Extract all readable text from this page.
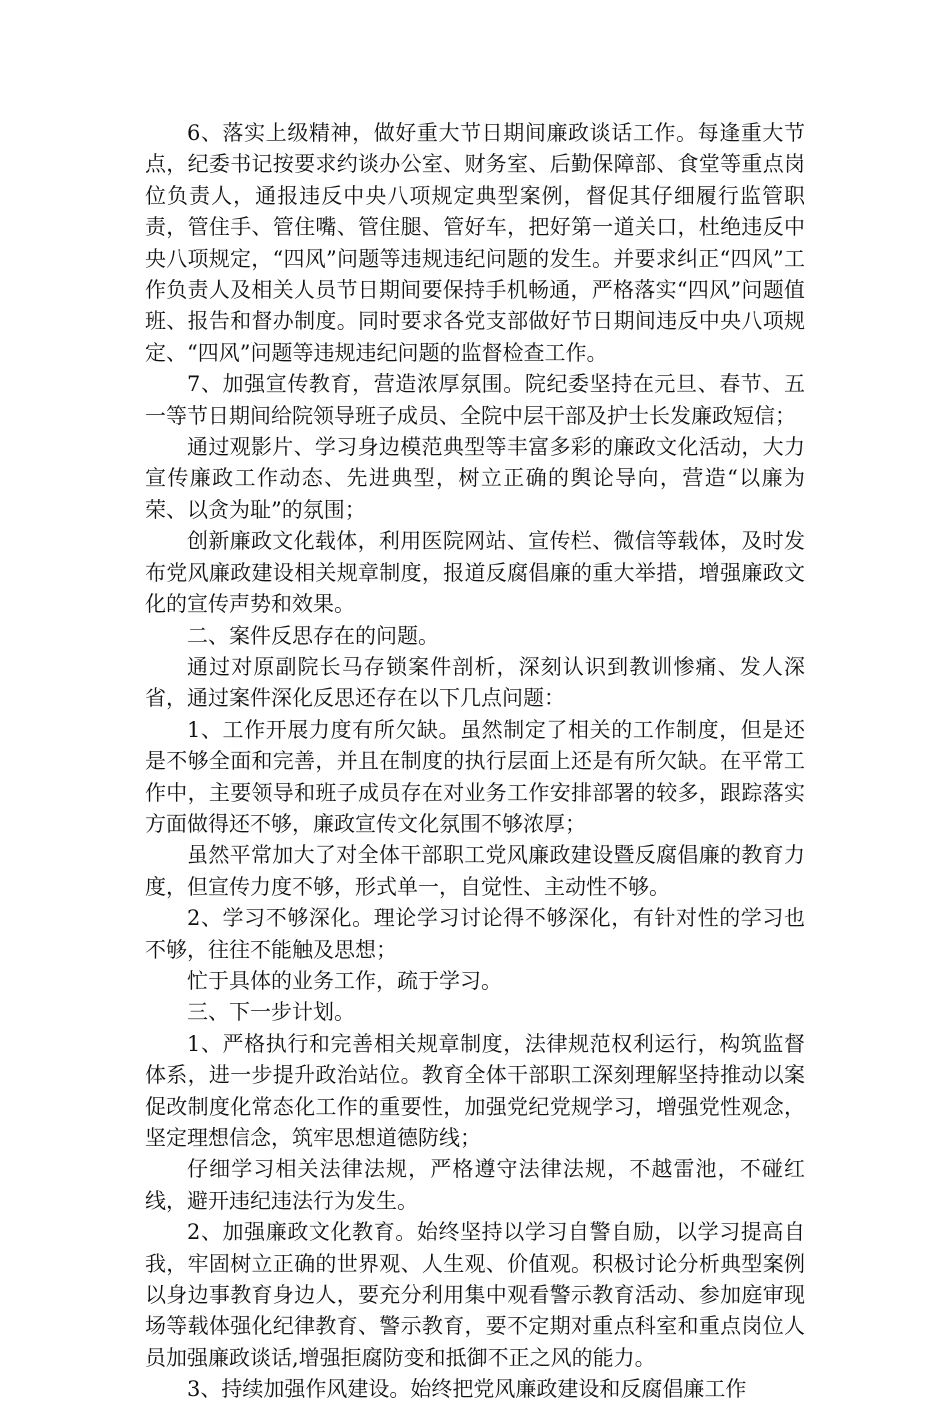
6、落实上级精神，做好重大节日期间廉政谈话工作。每逢重大节点，纪委书记按要求约谈办公室、财务室、后勤保障部、食堂等重点岗位负责人，通报违反中央八项规定典型案例，督促其仔细履行监管职责，管住手、管住嘴、管住腿、管好车，把好第一道关口，杜绝违反中央八项规定，“四风”问题等违规违纪问题的发生。并要求纠正“四风”工作负责人及相关人员节日期间要保持手机畅通，严格落实“四风”问题值班、报告和督办制度。同时要求各党支部做好节日期间违反中央八项规定、“四风”问题等违规违纪问题的监督检查工作。

7、加强宣传教育，营造浓厚氛围。院纪委坚持在元旦、春节、五一等节日期间给院领导班子成员、全院中层干部及护士长发廉政短信；

通过观影片、学习身边模范典型等丰富多彩的廉政文化活动，大力宣传廉政工作动态、先进典型，树立正确的舆论导向，营造“以廉为荣、以贪为耻”的氛围；

创新廉政文化载体，利用医院网站、宣传栏、微信等载体，及时发布党风廉政建设相关规章制度，报道反腐倡廉的重大举措，增强廉政文化的宣传声势和效果。

二、案件反思存在的问题。

通过对原副院长马存锁案件剖析，深刻认识到教训惨痛、发人深省，通过案件深化反思还存在以下几点问题：

1、工作开展力度有所欠缺。虽然制定了相关的工作制度，但是还是不够全面和完善，并且在制度的执行层面上还是有所欠缺。在平常工作中，主要领导和班子成员存在对业务工作安排部署的较多，跟踪落实方面做得还不够，廉政宣传文化氛围不够浓厚；

虽然平常加大了对全体干部职工党风廉政建设暨反腐倡廉的教育力度，但宣传力度不够，形式单一，自觉性、主动性不够。

2、学习不够深化。理论学习讨论得不够深化，有针对性的学习也不够，往往不能触及思想；

忙于具体的业务工作，疏于学习。

三、下一步计划。

1、严格执行和完善相关规章制度，法律规范权利运行，构筑监督体系，进一步提升政治站位。教育全体干部职工深刻理解坚持推动以案促改制度化常态化工作的重要性，加强党纪党规学习，增强党性观念，坚定理想信念，筑牢思想道德防线；

仔细学习相关法律法规，严格遵守法律法规，不越雷池，不碰红线，避开违纪违法行为发生。

2、加强廉政文化教育。始终坚持以学习自警自励，以学习提高自我，牢固树立正确的世界观、人生观、价值观。积极讨论分析典型案例以身边事教育身边人，要充分利用集中观看警示教育活动、参加庭审现场等载体强化纪律教育、警示教育，要不定期对重点科室和重点岗位人员加强廉政谈话,增强拒腐防变和抵御不正之风的能力。

3、持续加强作风建设。始终把党风廉政建设和反腐倡廉工作
